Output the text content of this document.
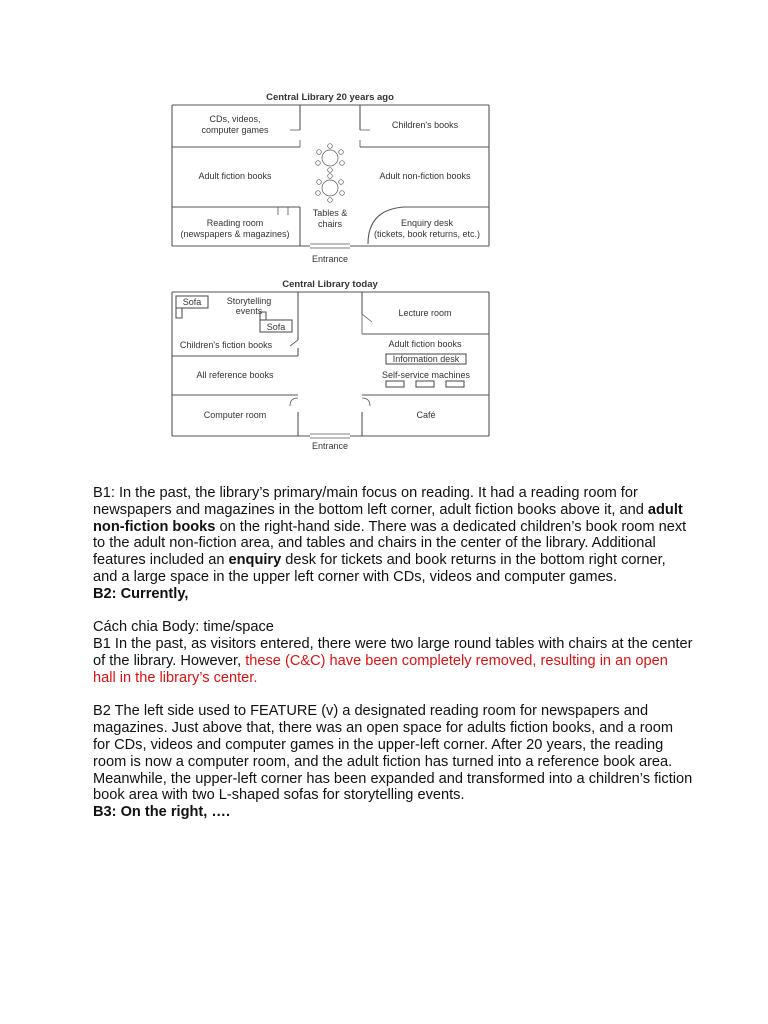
Central Library 20 years ago
CDs, videos,
computer games	Children's books
Adult fiction books	Adult non-fiction books
Tables &
chairs
Reading room
(newspapers & magazines)
Enquiry desk
(tickets, book returns, etc.)
Entrance
Central Library today
Sofa	Storytelling
events
Sofa
Children's fiction books
Lecture room
Adult fiction books
Information desk
Self-service machines
All reference books
Computer room	Café
Entrance

B1: In the past, the library’s primary/main focus on reading. It had a reading room for newspapers and magazines in the bottom left corner, adult fiction books above it, and adult non-fiction books on the right-hand side. There was a dedicated children’s book room next to the adult non-fiction area, and tables and chairs in the center of the library. Additional features included an enquiry desk for tickets and book returns in the bottom right corner, and a large space in the upper left corner with CDs, videos and computer games.

B2: Currently,

Cách chia Body: time/space

B1 In the past, as visitors entered, there were two large round tables with chairs at the center of the library. However, these (C&C) have been completely removed, resulting in an open hall in the library’s center.

B2 The left side used to FEATURE (v) a designated reading room for newspapers and magazines. Just above that, there was an open space for adults fiction books, and a room for CDs, videos and computer games in the upper-left corner. After 20 years, the reading room is now a computer room, and the adult fiction has turned into a reference book area. Meanwhile, the upper-left corner has been expanded and transformed into a children’s fiction book area with two L-shaped sofas for storytelling events.

B3: On the right, ….
